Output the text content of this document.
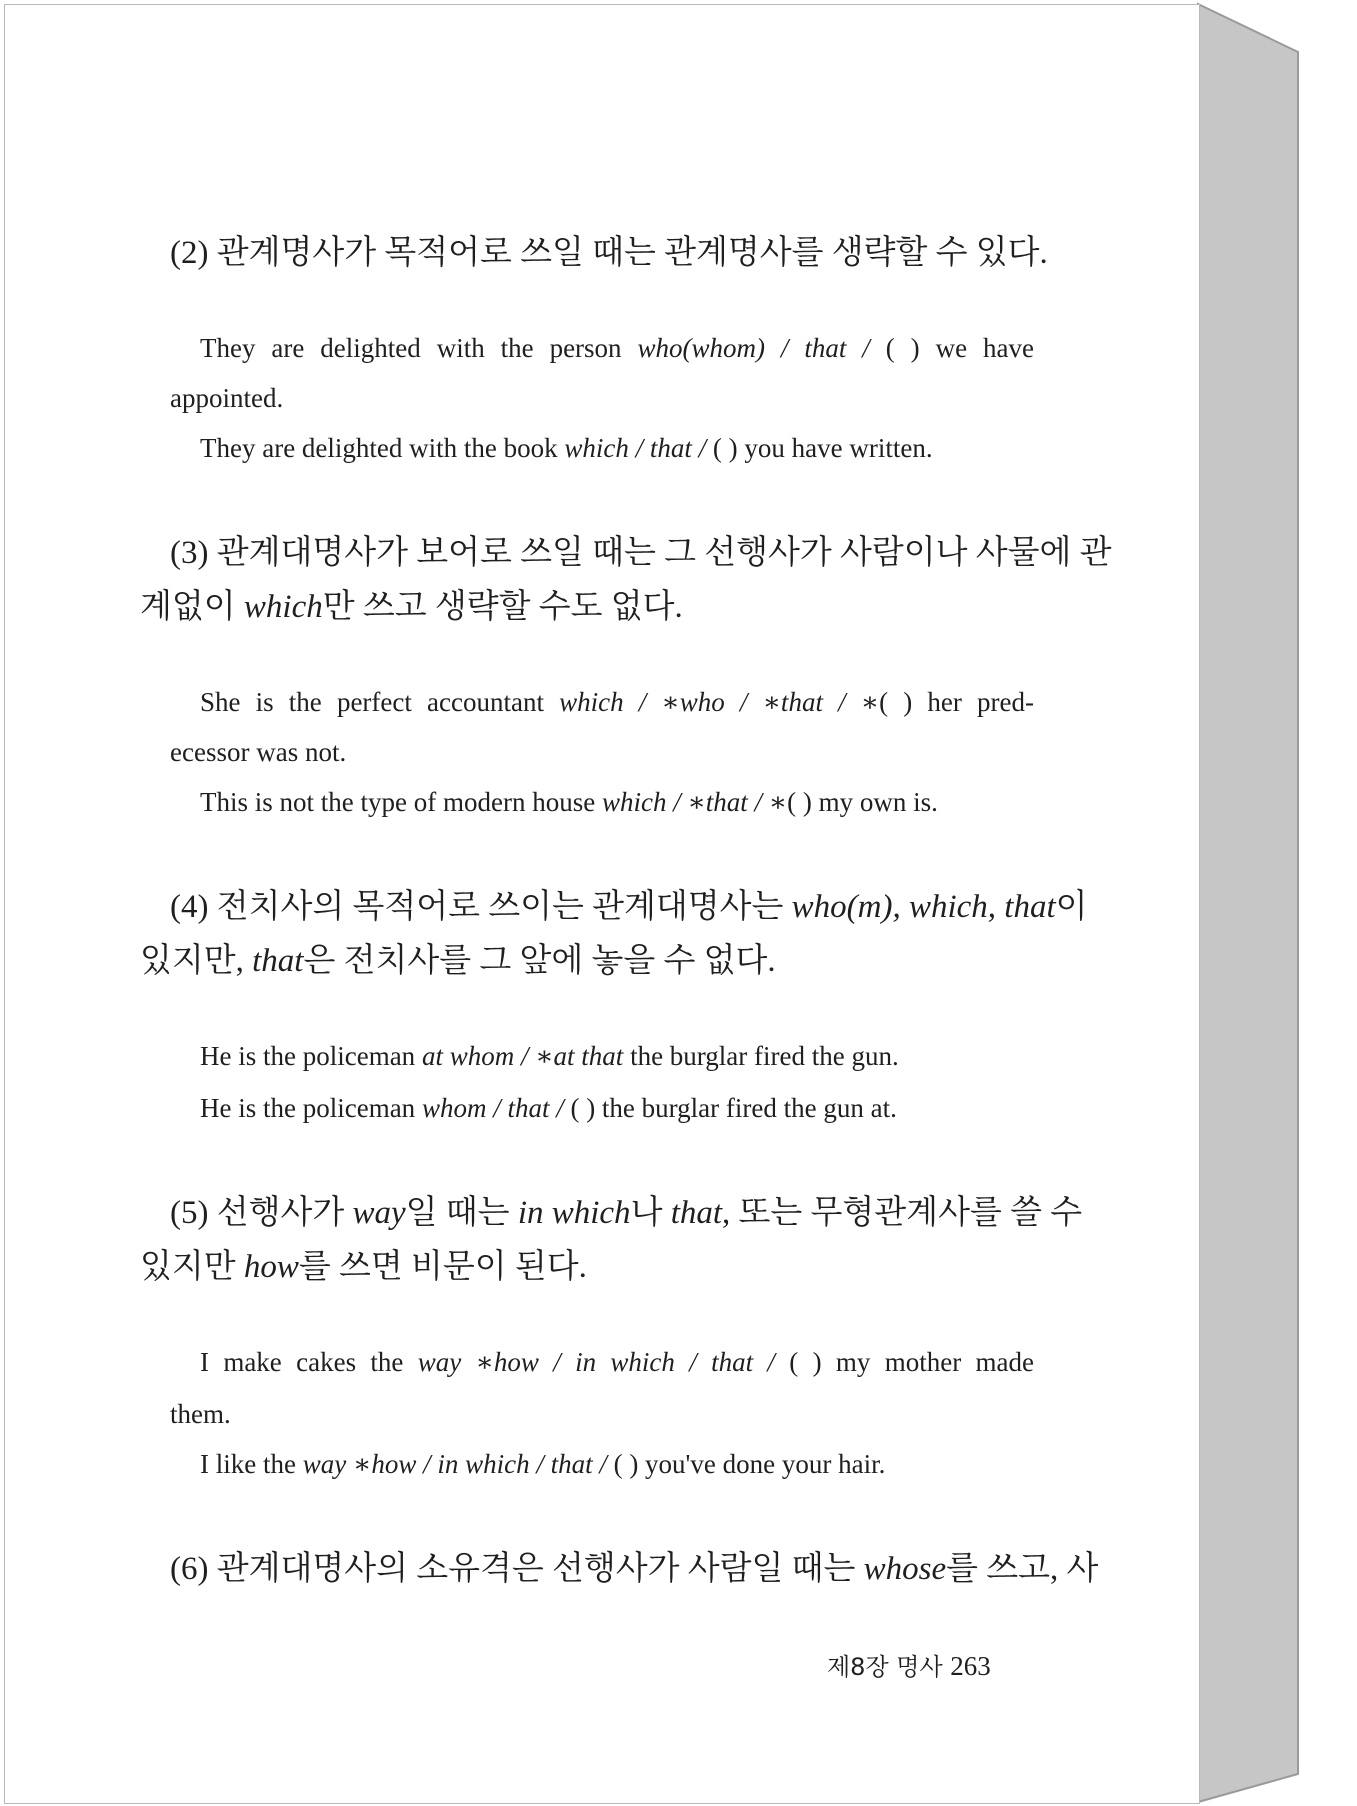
(2) 관계명사가 목적어로 쓰일 때는 관계명사를 생략할 수 있다.
They are delighted with the person who(whom) / that / ( ) we have
appointed.
They are delighted with the book which / that / ( ) you have written.
(3) 관계대명사가 보어로 쓰일 때는 그 선행사가 사람이나 사물에 관
계없이 which만 쓰고 생략할 수도 없다.
She is the perfect accountant which / ∗who / ∗that / ∗( ) her pred-
ecessor was not.
This is not the type of modern house which / ∗that / ∗( ) my own is.
(4) 전치사의 목적어로 쓰이는 관계대명사는 who(m), which, that이
있지만, that은 전치사를 그 앞에 놓을 수 없다.
He is the policeman at whom / ∗at that the burglar fired the gun.
He is the policeman whom / that / ( ) the burglar fired the gun at.
(5) 선행사가 way일 때는 in which나 that, 또는 무형관계사를 쓸 수
있지만 how를 쓰면 비문이 된다.
I make cakes the way ∗how / in which / that / ( ) my mother made
them.
I like the way ∗how / in which / that / ( ) you've done your hair.
(6) 관계대명사의 소유격은 선행사가 사람일 때는 whose를 쓰고, 사
제8장 명사 263
